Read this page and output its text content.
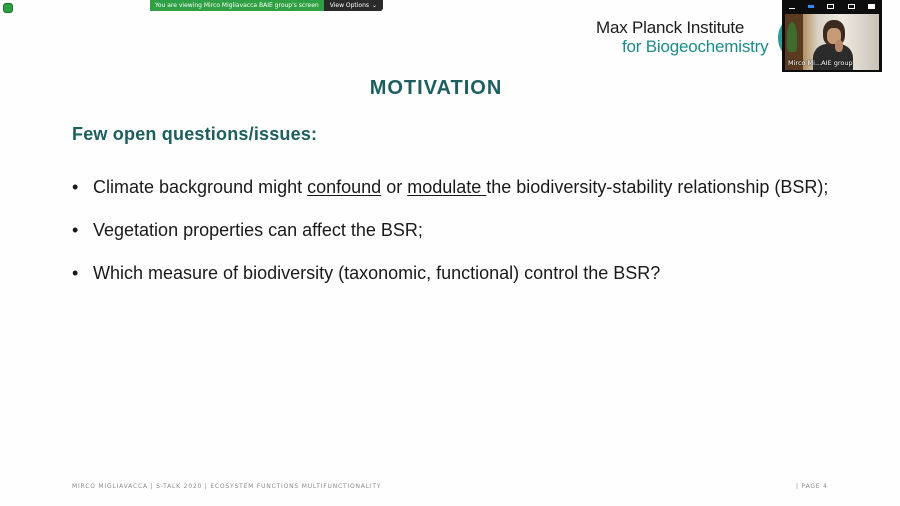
You are viewing Mirco Migliavacca BAIE group's screen	View Options ⌄
Max Planck Institute
for Biogeochemistry
Mirco Mi...AIE group
MOTIVATION
Few open questions/issues:
• Climate background might confound or modulate the biodiversity-stability relationship (BSR);
• Vegetation properties can affect the BSR;
• Which measure of biodiversity (taxonomic, functional) control the BSR?
MIRCO MIGLIAVACCA | S-TALK 2020 | ECOSYSTEM FUNCTIONS MULTIFUNCTIONALITY	| PAGE 4
